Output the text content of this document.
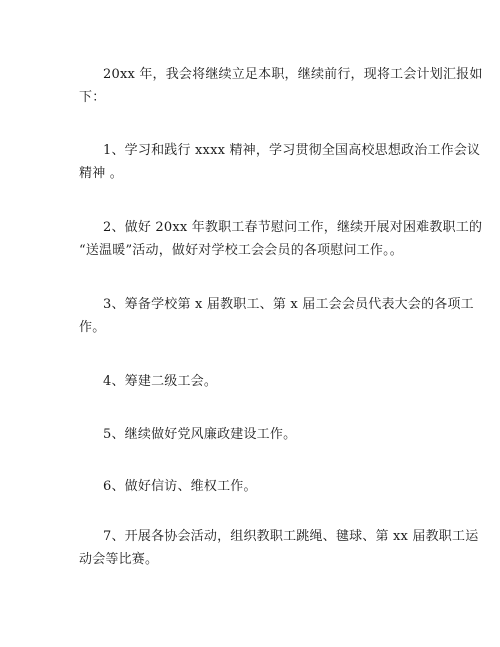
20xx 年，我会将继续立足本职，继续前行，现将工会计划汇报如
下：

1、学习和践行 xxxx 精神，学习贯彻全国高校思想政治工作会议
精神 。

2、做好 20xx 年教职工春节慰问工作，继续开展对困难教职工的
“送温暖”活动，做好对学校工会会员的各项慰问工作。。

3、筹备学校第 x 届教职工、第 x 届工会会员代表大会的各项工
作。

4、筹建二级工会。

5、继续做好党风廉政建设工作。

6、做好信访、维权工作。

7、开展各协会活动，组织教职工跳绳、毽球、第 xx 届教职工运
动会等比赛。
